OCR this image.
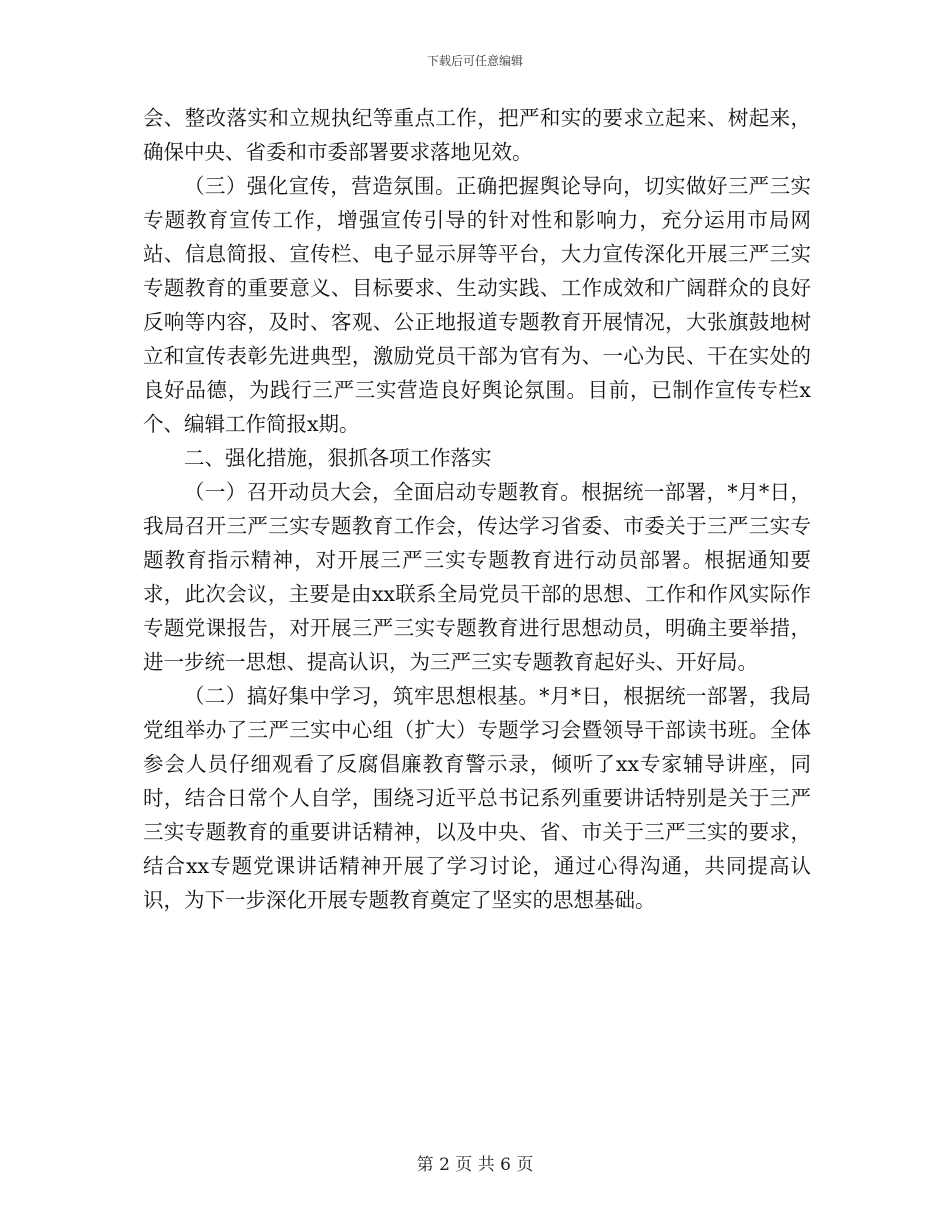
下载后可任意编辑

会、整改落实和立规执纪等重点工作，把严和实的要求立起来、树起来，确保中央、省委和市委部署要求落地见效。

（三）强化宣传，营造氛围。正确把握舆论导向，切实做好三严三实专题教育宣传工作，增强宣传引导的针对性和影响力，充分运用市局网站、信息简报、宣传栏、电子显示屏等平台，大力宣传深化开展三严三实专题教育的重要意义、目标要求、生动实践、工作成效和广阔群众的良好反响等内容，及时、客观、公正地报道专题教育开展情况，大张旗鼓地树立和宣传表彰先进典型，激励党员干部为官有为、一心为民、干在实处的良好品德，为践行三严三实营造良好舆论氛围。目前，已制作宣传专栏x个、编辑工作简报x期。

二、强化措施，狠抓各项工作落实

（一）召开动员大会，全面启动专题教育。根据统一部署，*月*日，我局召开三严三实专题教育工作会，传达学习省委、市委关于三严三实专题教育指示精神，对开展三严三实专题教育进行动员部署。根据通知要求，此次会议，主要是由xx联系全局党员干部的思想、工作和作风实际作专题党课报告，对开展三严三实专题教育进行思想动员，明确主要举措，进一步统一思想、提高认识，为三严三实专题教育起好头、开好局。

（二）搞好集中学习，筑牢思想根基。*月*日，根据统一部署，我局党组举办了三严三实中心组（扩大）专题学习会暨领导干部读书班。全体参会人员仔细观看了反腐倡廉教育警示录，倾听了xx专家辅导讲座，同时，结合日常个人自学，围绕习近平总书记系列重要讲话特别是关于三严三实专题教育的重要讲话精神，以及中央、省、市关于三严三实的要求，结合xx专题党课讲话精神开展了学习讨论，通过心得沟通，共同提高认识，为下一步深化开展专题教育奠定了坚实的思想基础。

第 2 页 共 6 页
